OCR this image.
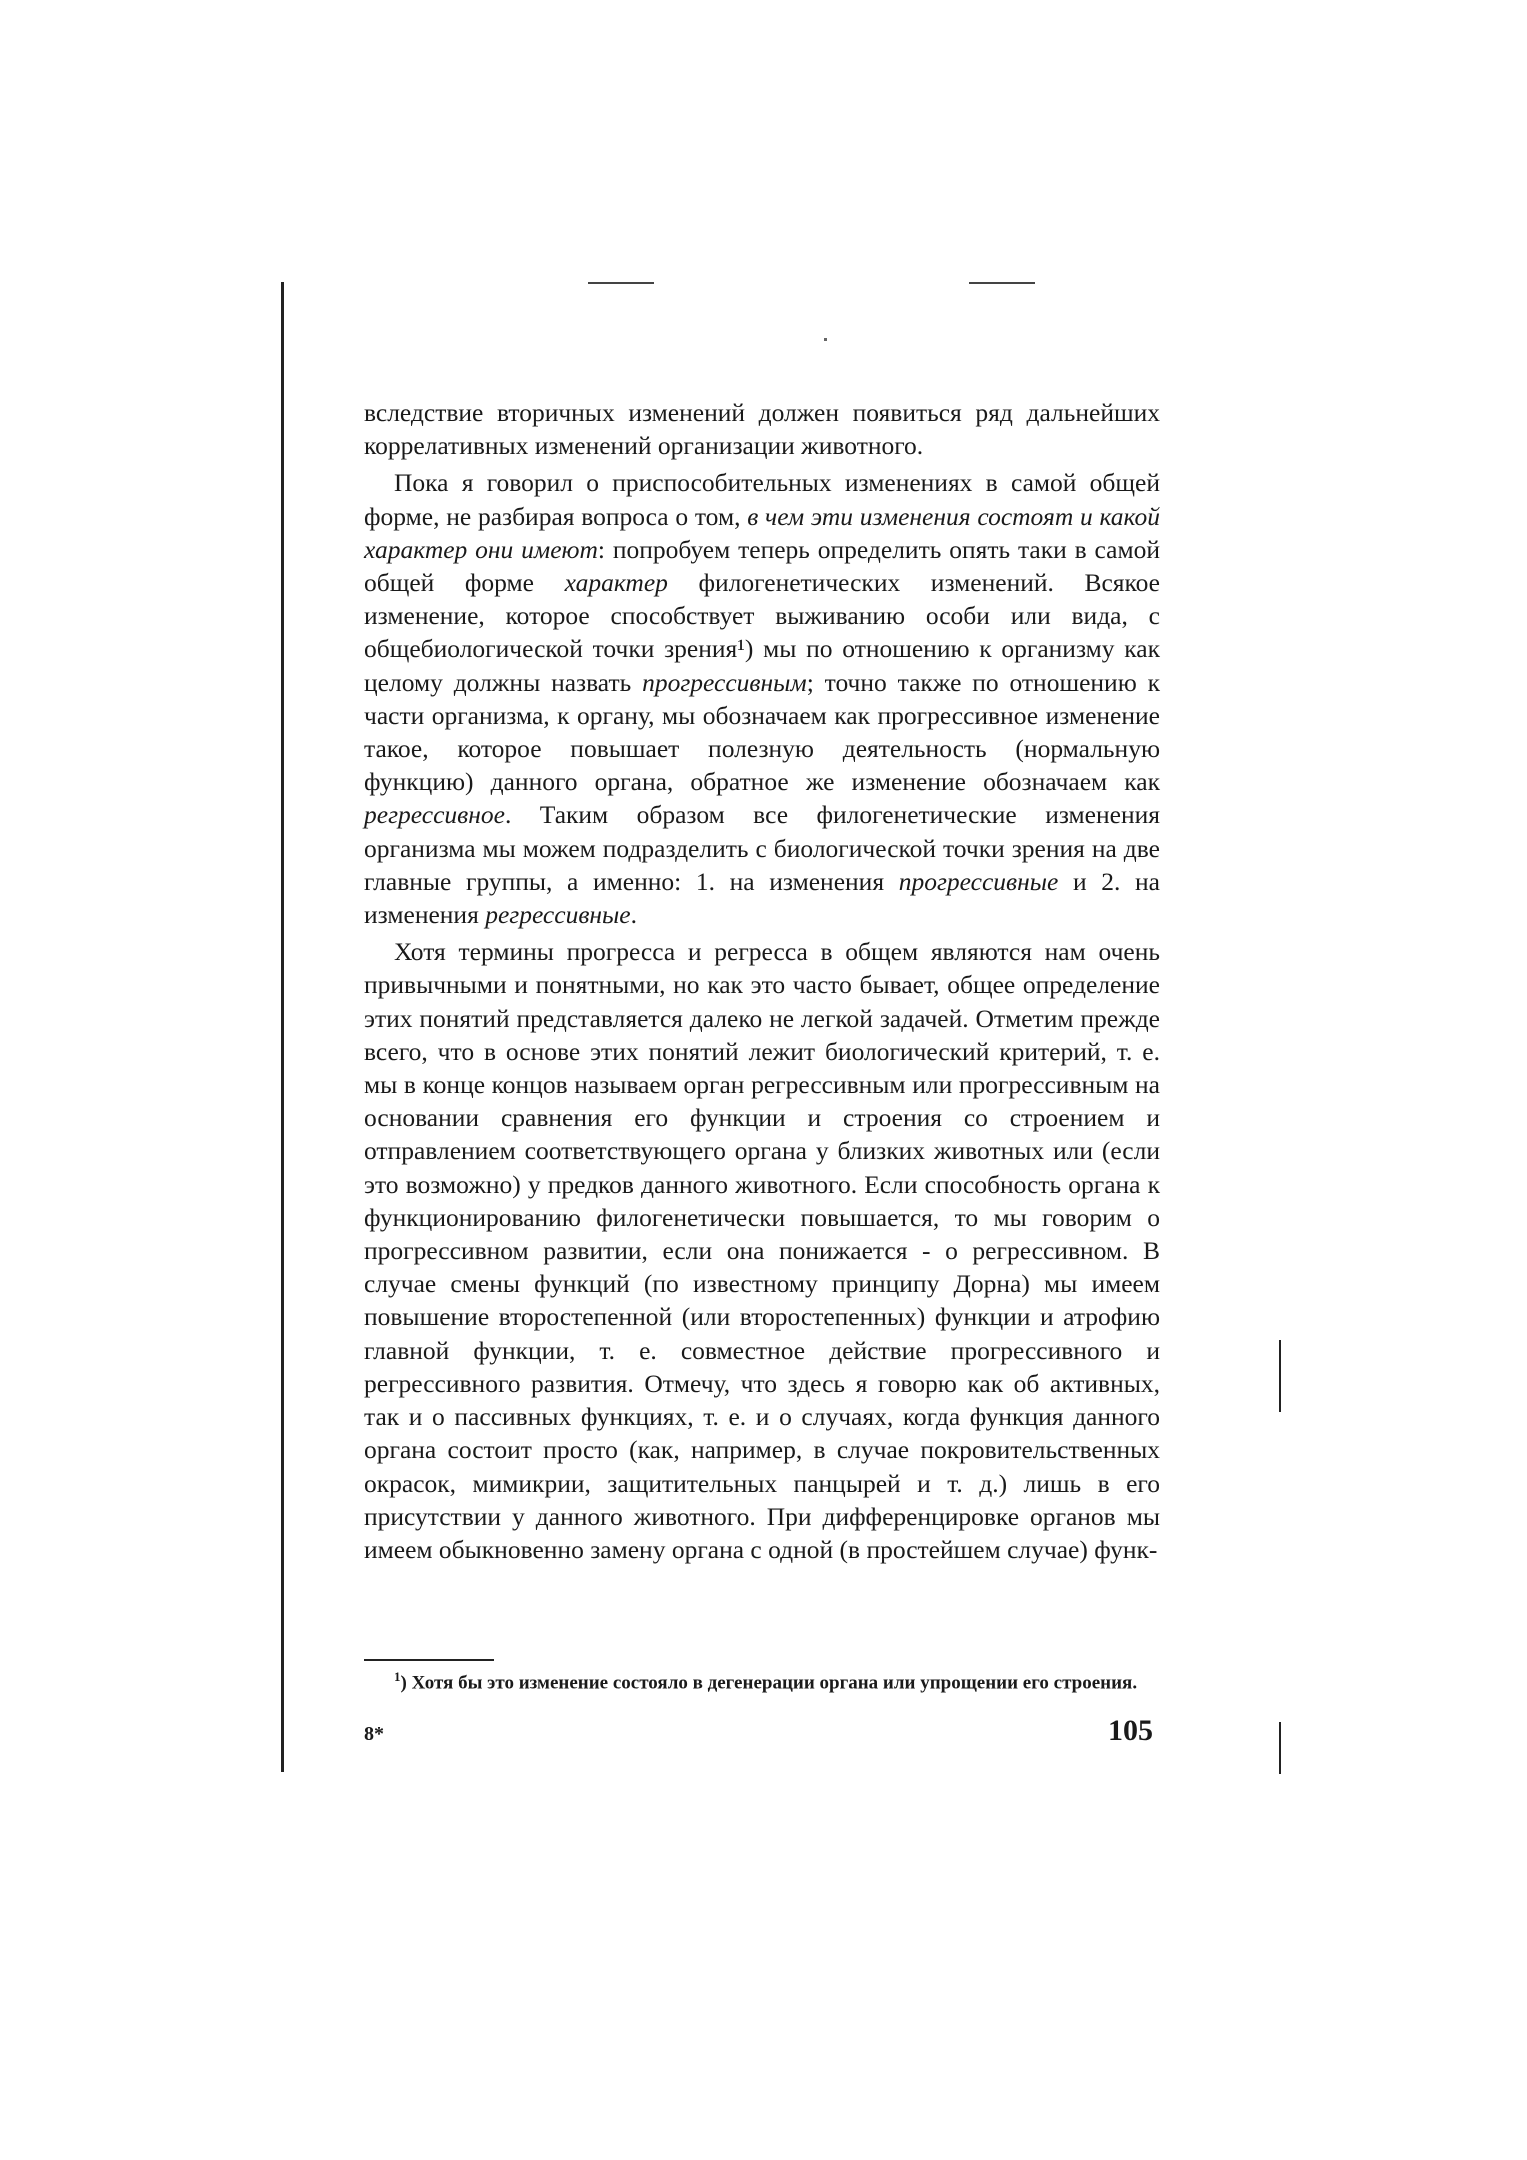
вследствие вторичных изменений должен появиться ряд дальнейших коррелативных изменений организации животного.

Пока я говорил о приспособительных изменениях в самой общей форме, не разбирая вопроса о том, в чем эти изменения состоят и какой характер они имеют: попробуем теперь определить опять таки в самой общей форме характер филогенетических изменений. Всякое изменение, которое способствует выживанию особи или вида, с общебиологической точки зрения¹) мы по отношению к организму как целому должны назвать прогрессивным; точно также по отношению к части организма, к органу, мы обозначаем как прогрессивное изменение такое, которое повышает полезную деятельность (нормальную функцию) данного органа, обратное же изменение обозначаем как регрессивное. Таким образом все филогенетические изменения организма мы можем подразделить с биологической точки зрения на две главные группы, а именно: 1. на изменения прогрессивные и 2. на изменения регрессивные.

Хотя термины прогресса и регресса в общем являются нам очень привычными и понятными, но как это часто бывает, общее определение этих понятий представляется далеко не легкой задачей. Отметим прежде всего, что в основе этих понятий лежит биологический критерий, т. е. мы в конце концов называем орган регрессивным или прогрессивным на основании сравнения его функции и строения со строением и отправлением соответствующего органа у близких животных или (если это возможно) у предков данного животного. Если способность органа к функционированию филогенетически повышается, то мы говорим о прогрессивном развитии, если она понижается - о регрессивном. В случае смены функций (по известному принципу Дорна) мы имеем повышение второстепенной (или второстепенных) функции и атрофию главной функции, т. е. совместное действие прогрессивного и регрессивного развития. Отмечу, что здесь я говорю как об активных, так и о пассивных функциях, т. е. и о случаях, когда функция данного органа состоит просто (как, например, в случае покровительственных окрасок, мимикрии, защитительных панцырей и т. д.) лишь в его присутствии у данного животного. При дифференцировке органов мы имеем обыкновенно замену органа с одной (в простейшем случае) функ-

$^1$) Хотя бы это изменение состояло в дегенерации органа или упрощении его строения.
8*	105
